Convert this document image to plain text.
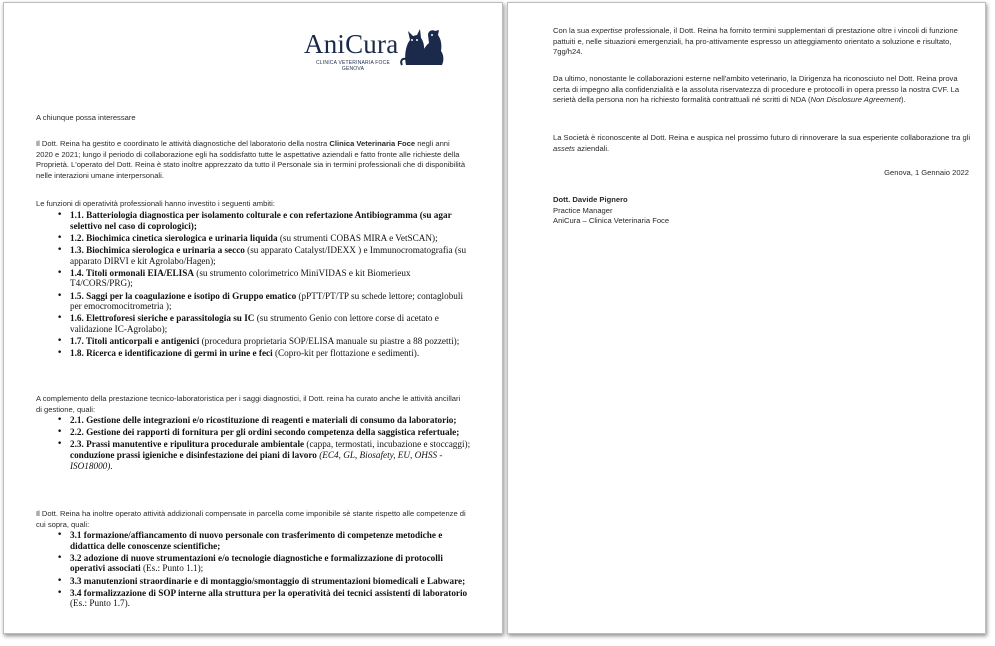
AniCura
CLINICA VETERINARIA FOCE
GENOVA

A chiunque possa interessare

Il Dott. Reina ha gestito e coordinato le attività diagnostiche del laboratorio della nostra Clinica Veterinaria Foce negli anni 2020 e 2021; lungo il periodo di collaborazione egli ha soddisfatto tutte le aspettative aziendali e fatto fronte alle richieste della Proprietà. L'operato del Dott. Reina è stato inoltre apprezzato da tutto il Personale sia in termini professionali che di disponibilità nelle interazioni umane interpersonali.

Le funzioni di operatività professionali hanno investito i seguenti ambiti:

• 1.1. Batteriologia diagnostica per isolamento colturale e con refertazione Antibiogramma (su agar selettivo nel caso di coprologici);
• 1.2. Biochimica cinetica sierologica e urinaria liquida (su strumenti COBAS MIRA e VetSCAN);
• 1.3. Biochimica sierologica e urinaria a secco (su apparato Catalyst/IDEXX ) e Immunocromatografia (su apparato DIRVI e kit Agrolabo/Hagen);
• 1.4. Titoli ormonali EIA/ELISA (su strumento colorimetrico MiniVIDAS e kit Biomerieux T4/CORS/PRG);
• 1.5. Saggi per la coagulazione e isotipo di Gruppo ematico (pPTT/PT/TP su schede lettore; contaglobuli per emocromocitrometria );
• 1.6. Elettroforesi sieriche e parassitologia su IC (su strumento Genio con lettore corse di acetato e validazione IC-Agrolabo);
• 1.7. Titoli anticorpali e antigenici (procedura proprietaria SOP/ELISA manuale su piastre a 88 pozzetti);
• 1.8. Ricerca e identificazione di germi in urine e feci (Copro-kit per flottazione e sedimenti).

A complemento della prestazione tecnico-laboratoristica per i saggi diagnostici, il Dott. reina ha curato anche le attività ancillari di gestione, quali:

• 2.1. Gestione delle integrazioni e/o ricostituzione di reagenti e materiali di consumo da laboratorio;
• 2.2. Gestione dei rapporti di fornitura per gli ordini secondo competenza della saggistica refertuale;
• 2.3. Prassi manutentive e ripulitura procedurale ambientale (cappa, termostati, incubazione e stoccaggi); conduzione prassi igieniche e disinfestazione dei piani di lavoro (EC4, GL, Biosafety, EU, OHSS - ISO18000).

Il Dott. Reina ha inoltre operato attività addizionali compensate in parcella come imponibile sè stante rispetto alle competenze di cui sopra, quali:

• 3.1 formazione/affiancamento di nuovo personale con trasferimento di competenze metodiche e didattica delle conoscenze scientifiche;
• 3.2 adozione di nuove strumentazioni e/o tecnologie diagnostiche e formalizzazione di protocolli operativi associati (Es.: Punto 1.1);
• 3.3 manutenzioni straordinarie e di montaggio/smontaggio di strumentazioni biomedicali e Labware;
• 3.4 formalizzazione di SOP interne alla struttura per la operatività dei tecnici assistenti di laboratorio (Es.: Punto 1.7).

Con la sua expertise professionale, il Dott. Reina ha fornito termini supplementari di prestazione oltre i vincoli di funzione pattuiti e, nelle situazioni emergenziali, ha pro-attivamente espresso un atteggiamento orientato a soluzione e risultato, 7gg/h24.

Da ultimo, nonostante le collaborazioni esterne nell'ambito veterinario, la Dirigenza ha riconosciuto nel Dott. Reina prova certa di impegno alla confidenzialità e la assoluta riservatezza di procedure e protocolli in opera presso la nostra CVF. La serietà della persona non ha richiesto formalità contrattuali né scritti di NDA (Non Disclosure Agreement).

La Società è riconoscente al Dott. Reina e auspica nel prossimo futuro di rinnoverare la sua esperiente collaborazione tra gli assets aziendali.

Genova, 1 Gennaio 2022

Dott. Davide Pignero
Practice Manager
AniCura – Clinica Veterinaria Foce
